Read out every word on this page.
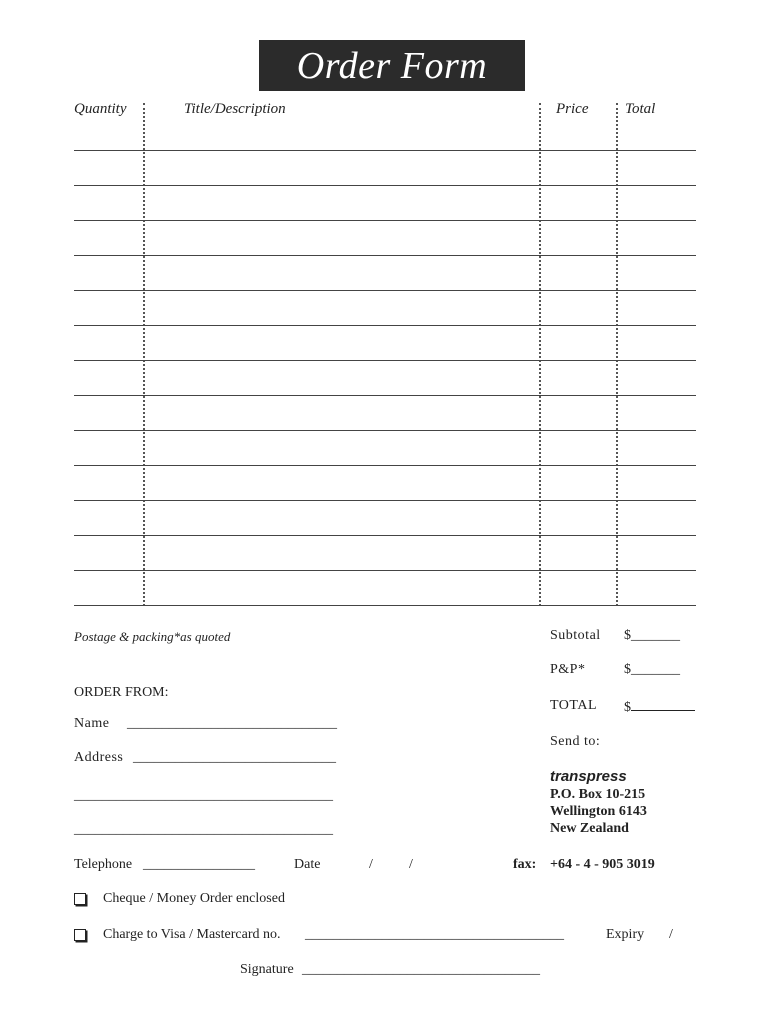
Order Form
Quantity	Title/Description	Price Total
Postage & packing*as quoted	Subtotal $_______
P&P*	$_______
TOTAL $
ORDER FROM:
Name ______________________________
Address _____________________________
_____________________________________
_____________________________________
Telephone ________________	Date	/	/
Send to:
transpress
P.O. Box 10-215
Wellington 6143
New Zealand
fax: +64 - 4 - 905 3019
Cheque / Money Order enclosed
Charge to Visa / Mastercard no. _____________________________________	Expiry /
Signature __________________________________
